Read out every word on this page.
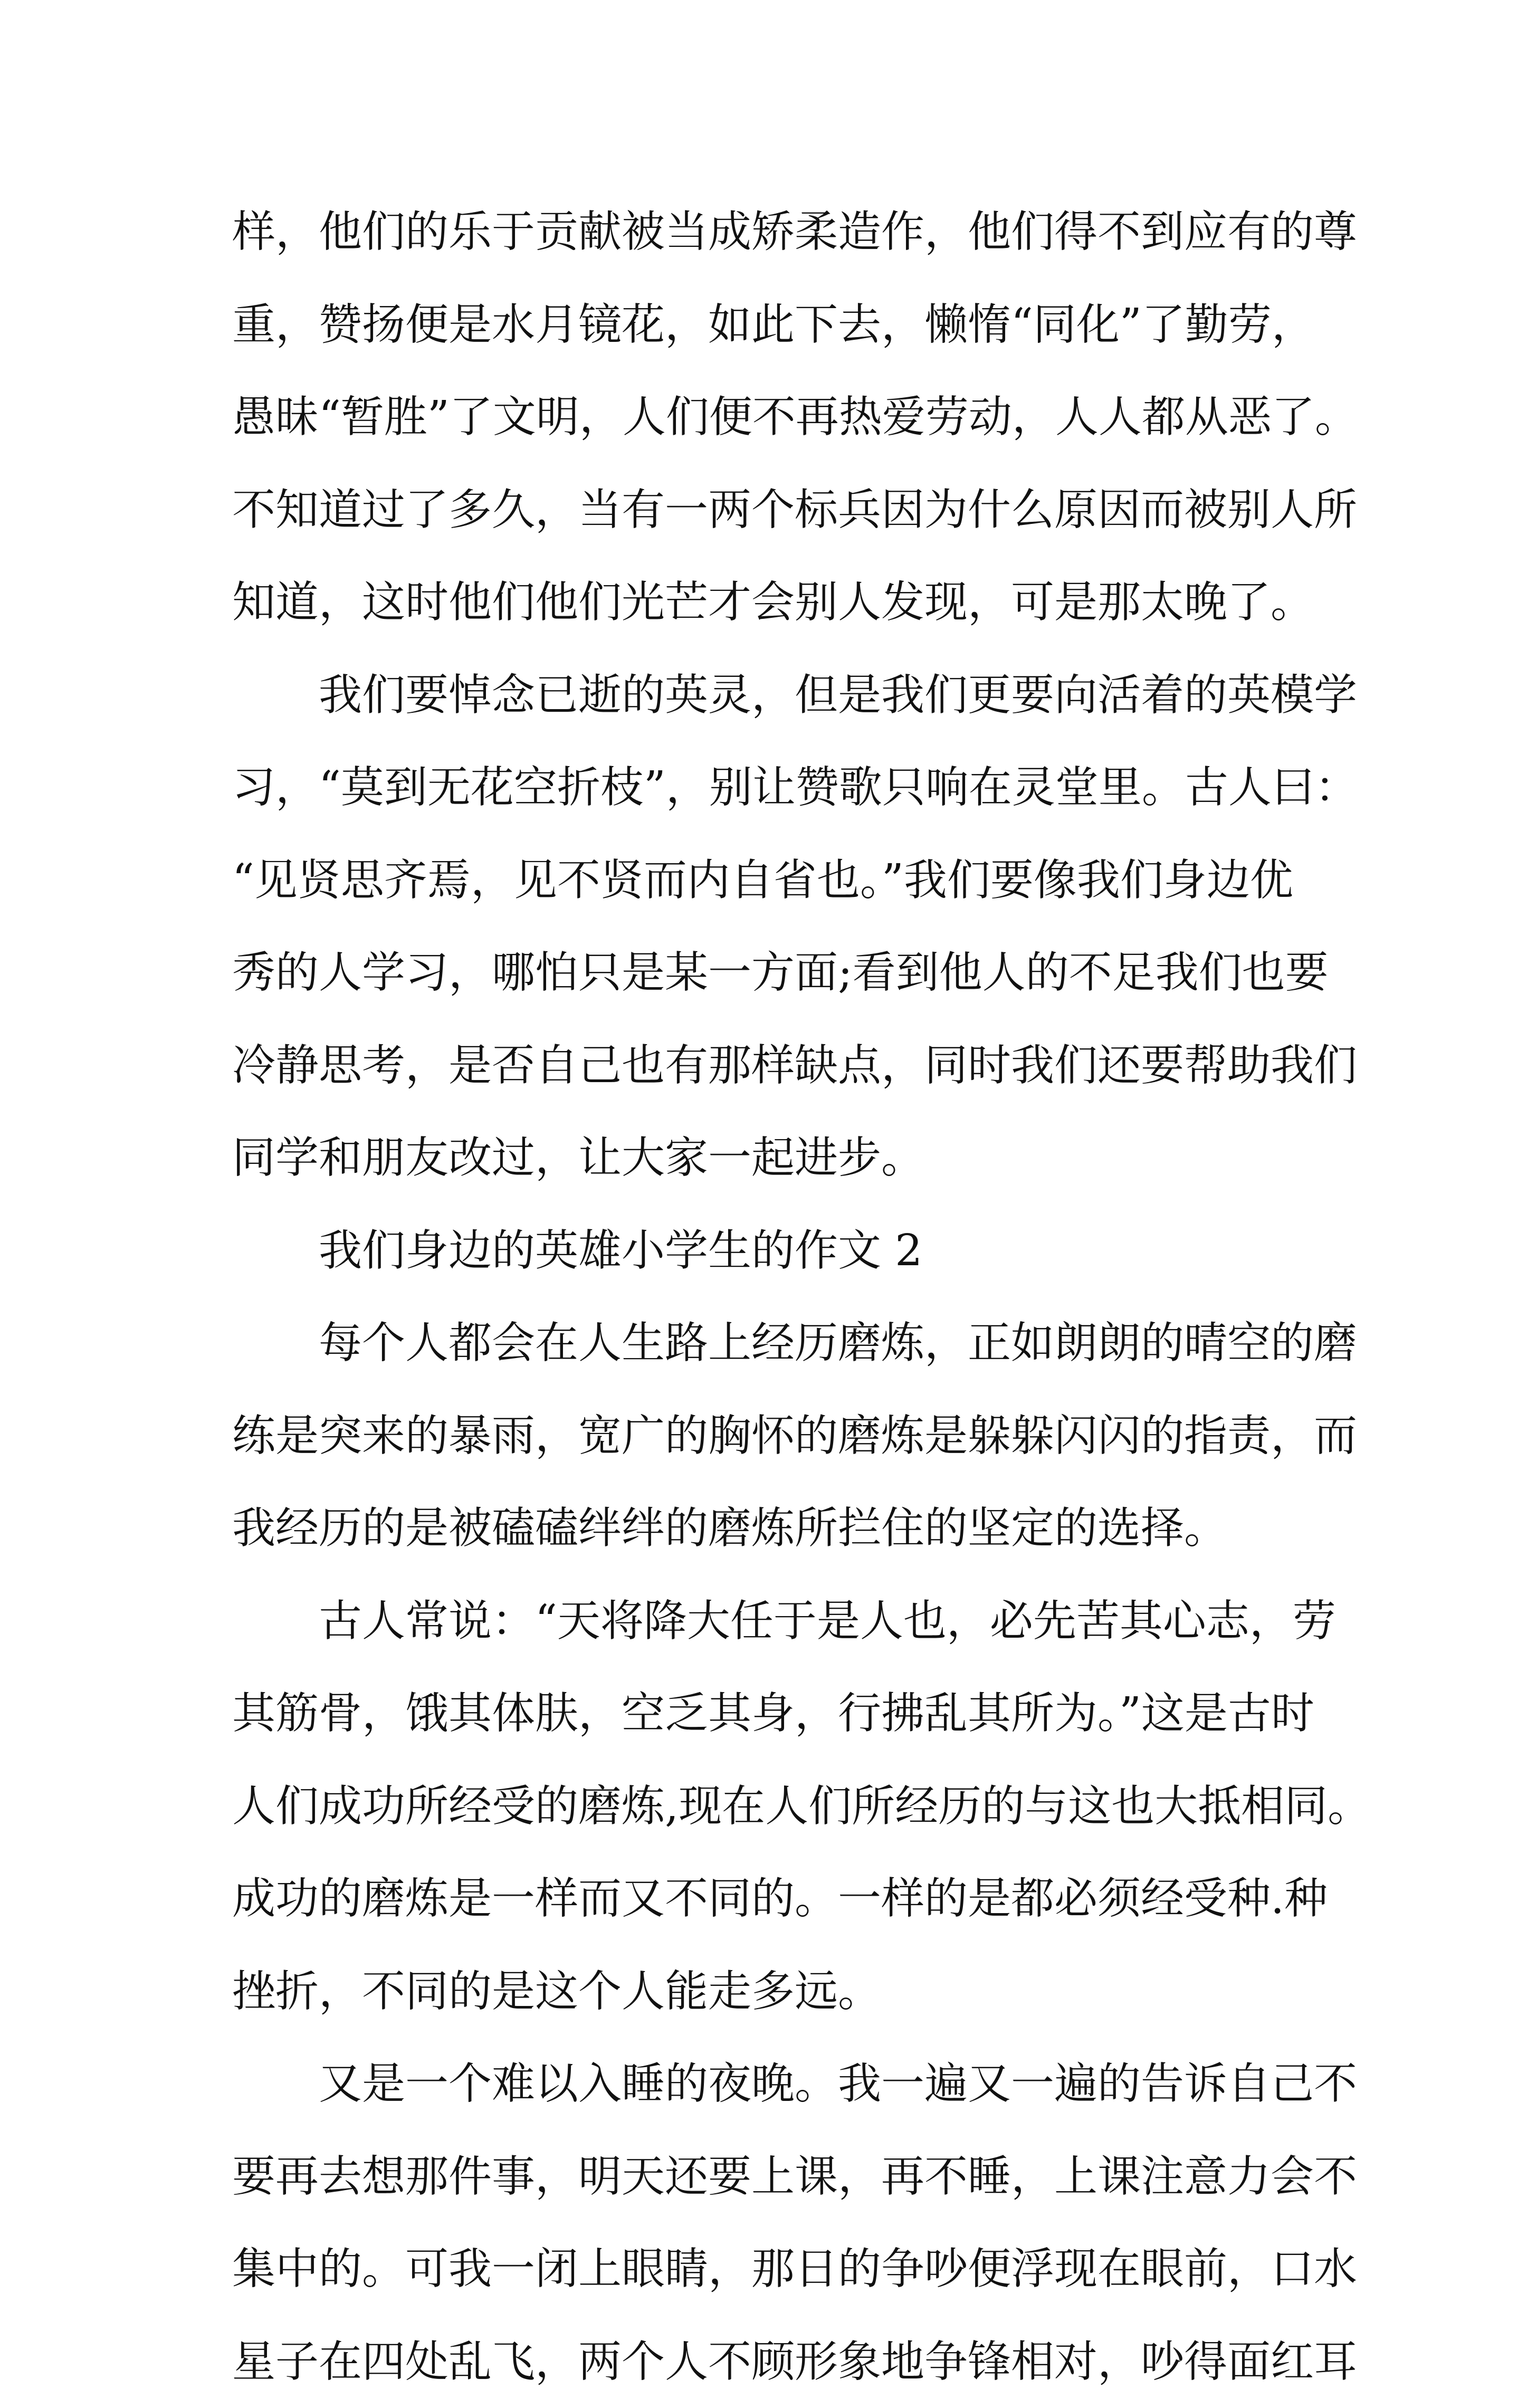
样，他们的乐于贡献被当成矫柔造作，他们得不到应有的尊
重，赞扬便是水月镜花，如此下去，懒惰“同化”了勤劳，
愚昧“暂胜”了文明，人们便不再热爱劳动，人人都从恶了。
不知道过了多久，当有一两个标兵因为什么原因而被别人所
知道，这时他们他们光芒才会别人发现，可是那太晚了。
我们要悼念已逝的英灵，但是我们更要向活着的英模学
习，“莫到无花空折枝”，别让赞歌只响在灵堂里。古人曰：
“见贤思齐焉，见不贤而内自省也。”我们要像我们身边优
秀的人学习，哪怕只是某一方面;看到他人的不足我们也要
冷静思考，是否自己也有那样缺点，同时我们还要帮助我们
同学和朋友改过，让大家一起进步。
我们身边的英雄小学生的作文 2
每个人都会在人生路上经历磨炼，正如朗朗的晴空的磨
练是突来的暴雨，宽广的胸怀的磨炼是躲躲闪闪的指责，而
我经历的是被磕磕绊绊的磨炼所拦住的坚定的选择。
古人常说：“天将降大任于是人也，必先苦其心志，劳
其筋骨，饿其体肤，空乏其身，行拂乱其所为。”这是古时
人们成功所经受的磨炼,现在人们所经历的与这也大抵相同。
成功的磨炼是一样而又不同的。一样的是都必须经受种.种
挫折，不同的是这个人能走多远。
又是一个难以入睡的夜晚。我一遍又一遍的告诉自己不
要再去想那件事，明天还要上课，再不睡，上课注意力会不
集中的。可我一闭上眼睛，那日的争吵便浮现在眼前，口水
星子在四处乱飞，两个人不顾形象地争锋相对，吵得面红耳
